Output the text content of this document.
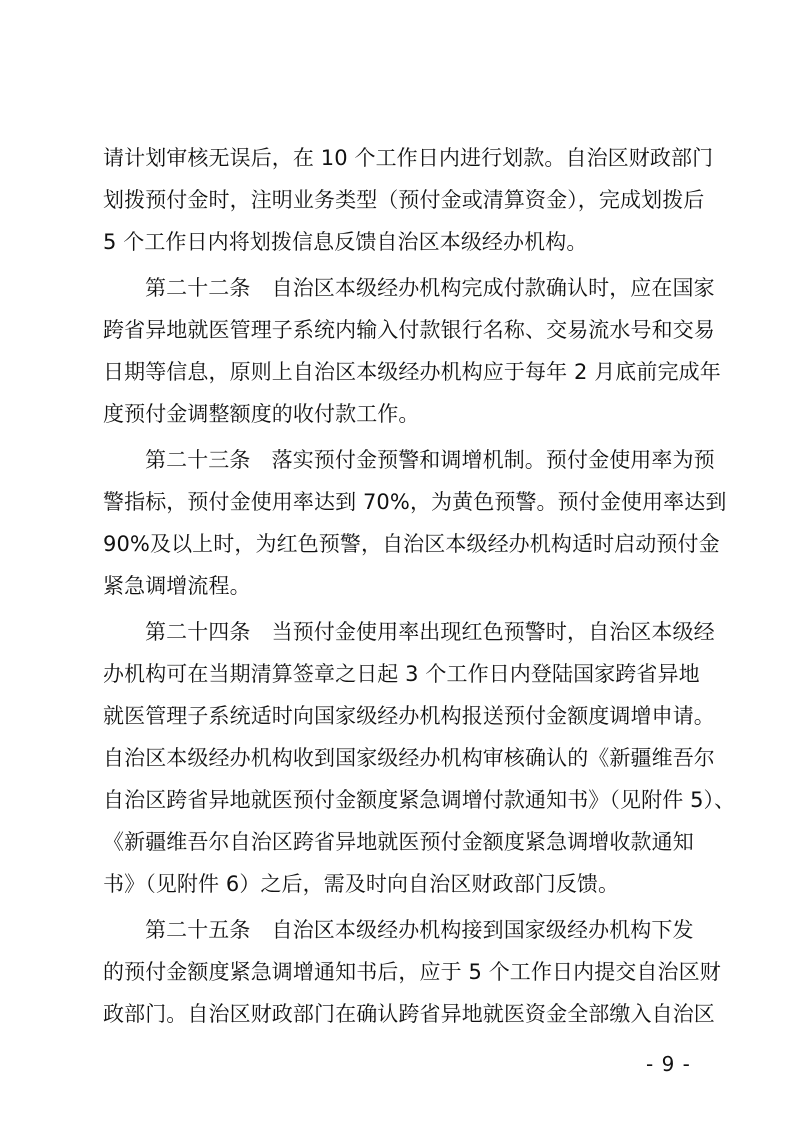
请计划审核无误后，在 10 个工作日内进行划款。自治区财政部门
划拨预付金时，注明业务类型（预付金或清算资金），完成划拨后
5 个工作日内将划拨信息反馈自治区本级经办机构。
第二十二条　自治区本级经办机构完成付款确认时，应在国家
跨省异地就医管理子系统内输入付款银行名称、交易流水号和交易
日期等信息，原则上自治区本级经办机构应于每年 2 月底前完成年
度预付金调整额度的收付款工作。
第二十三条　落实预付金预警和调增机制。预付金使用率为预
警指标，预付金使用率达到 70%，为黄色预警。预付金使用率达到
90%及以上时，为红色预警，自治区本级经办机构适时启动预付金
紧急调增流程。
第二十四条　当预付金使用率出现红色预警时，自治区本级经
办机构可在当期清算签章之日起 3 个工作日内登陆国家跨省异地
就医管理子系统适时向国家级经办机构报送预付金额度调增申请。
自治区本级经办机构收到国家级经办机构审核确认的《新疆维吾尔
自治区跨省异地就医预付金额度紧急调增付款通知书》（见附件 5）、
《新疆维吾尔自治区跨省异地就医预付金额度紧急调增收款通知
书》（见附件 6）之后，需及时向自治区财政部门反馈。
第二十五条　自治区本级经办机构接到国家级经办机构下发
的预付金额度紧急调增通知书后，应于 5 个工作日内提交自治区财
政部门。自治区财政部门在确认跨省异地就医资金全部缴入自治区
- 9 -
